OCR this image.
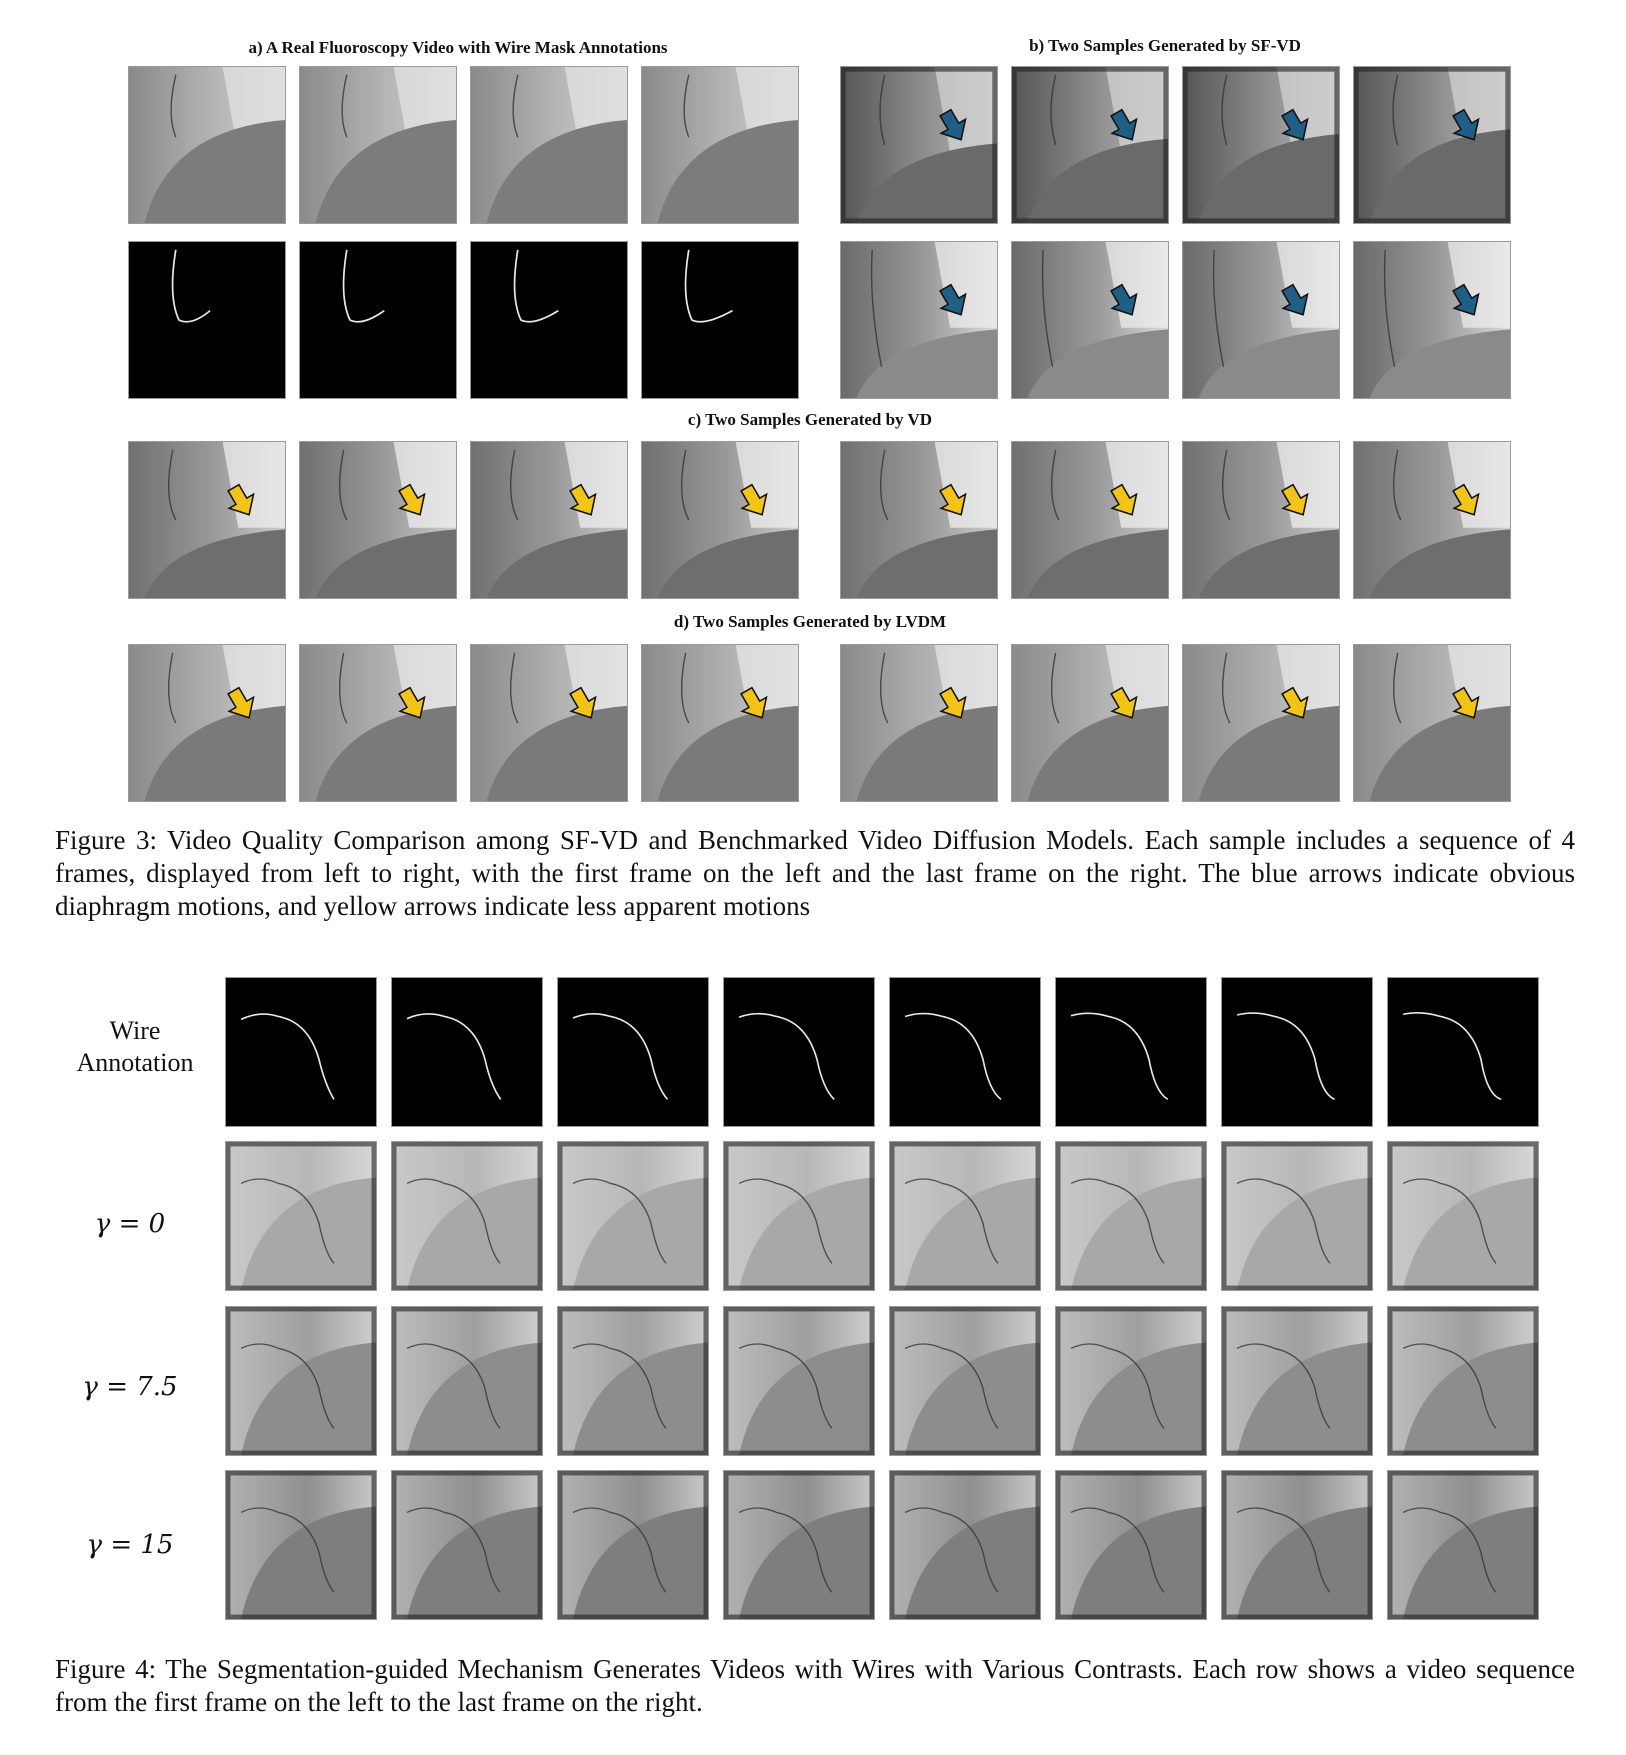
a) A Real Fluoroscopy Video with Wire Mask Annotations	b) Two Samples Generated by SF-VD
c) Two Samples Generated by VD
d) Two Samples Generated by LVDM
Figure 3: Video Quality Comparison among SF-VD and Benchmarked Video Diffusion Models. Each sample includes a sequence of 4 frames, displayed from left to right, with the first frame on the left and the last frame on the right. The blue arrows indicate obvious diaphragm motions, and yellow arrows indicate less apparent motions
Wire Annotation
γ = 0
γ = 7.5
γ = 15
Figure 4: The Segmentation-guided Mechanism Generates Videos with Wires with Various Contrasts. Each row shows a video sequence from the first frame on the left to the last frame on the right.
